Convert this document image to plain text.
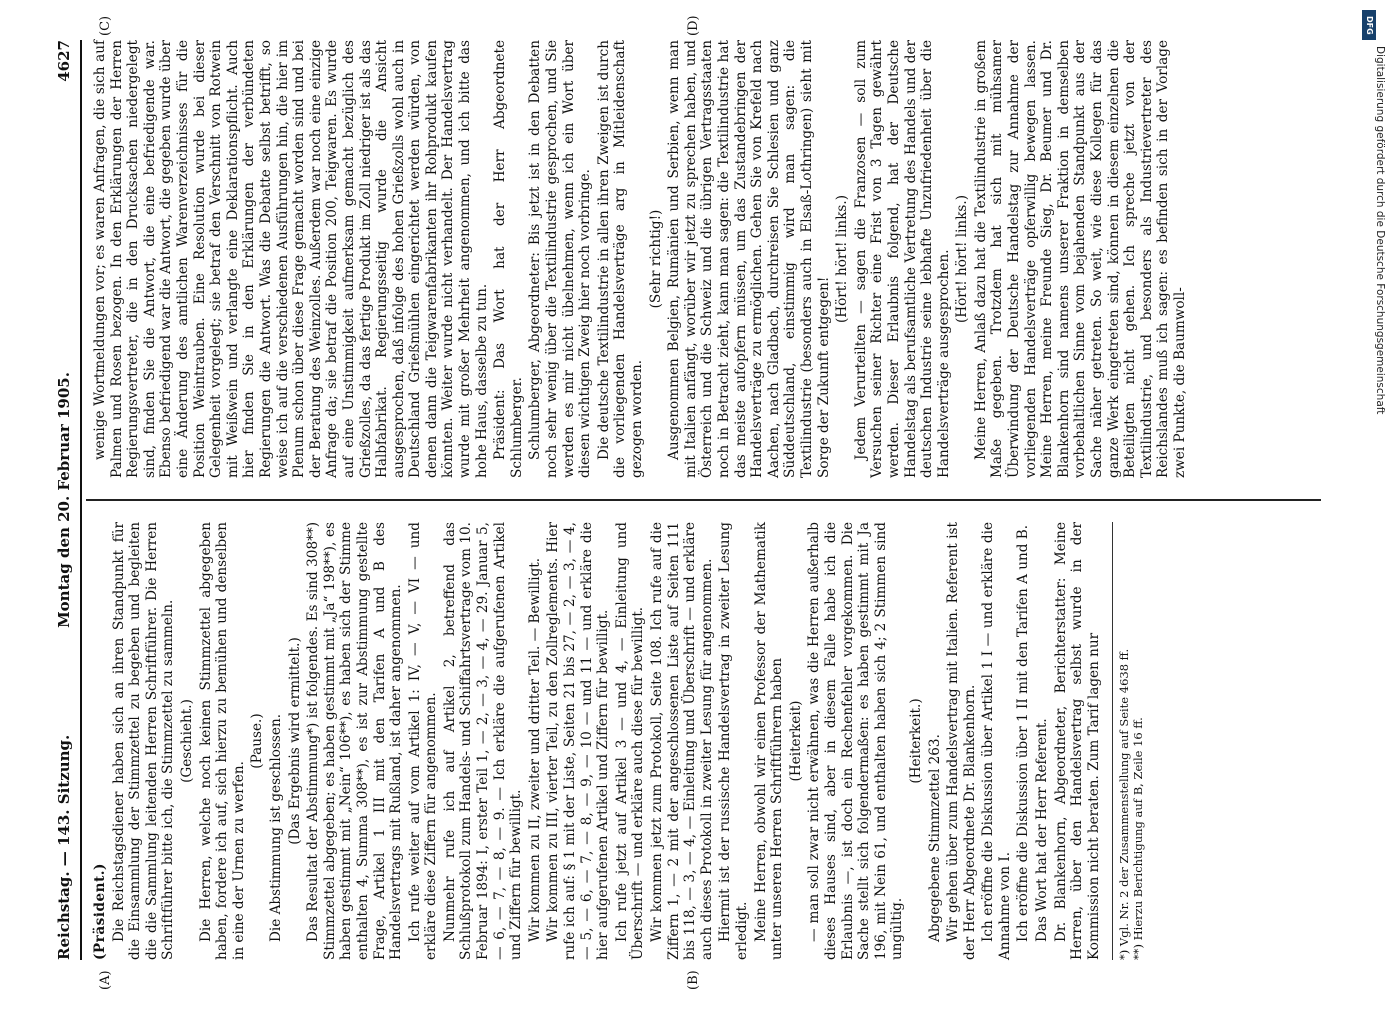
Reichstag. — 143. Sitzung.
Montag den 20. Februar 1905.
4627
(A)	(B)
(C)	(D)

(Präsident.) Die Reichstagsdiener haben sich an ihren Standpunkt für die Einsammlung der Stimmzettel zu begeben und begleiten die die Sammlung leitenden Herren Schriftführer. Die Herren Schriftführer bitte ich, die Stimmzettel zu sammeln. (Geschieht.) Die Herren, welche noch keinen Stimmzettel abgegeben haben, fordere ich auf, sich hierzu zu bemühen und denselben in eine der Urnen zu werfen.

(Pause.) Die Abstimmung ist geschlossen. (Das Ergebnis wird ermittelt.) Das Resultat der Abstimmung*) ist folgendes. Es sind 308**) Stimmzettel abgegeben; es haben gestimmt mit „Ja“ 198**), es haben gestimmt mit „Nein“ 106**), es haben sich der Stimme enthalten 4, Summa 308**), es ist zur Abstimmung gestellte Frage, Artikel 1 III mit den Tarifen A und B des Handelsvertrags mit Rußland, ist daher angenommen. Ich rufe weiter auf vom Artikel 1: IV, — V, — VI — und erkläre diese Ziffern für angenommen. Nunmehr rufe ich auf Artikel 2, betreffend das Schlußprotokoll zum Handels- und Schiffahrtsvertrage vom 10. Februar 1894: I, erster Teil 1, — 2, — 3, — 4, — 29. Januar 5, — 6, — 7, — 8, — 9. — Ich erkläre die aufgerufenen Artikel und Ziffern für bewilligt. Wir kommen zu II, zweiter und dritter Teil. — Bewilligt. Wir kommen zu III, vierter Teil, zu den Zollreglements. Hier rufe ich auf: § 1 mit der Liste, Seiten 21 bis 27, — 2, — 3, — 4, — 5, — 6, — 7, — 8, — 9, — 10 — und 11 — und erkläre die hier aufgerufenen Artikel und Ziffern für bewilligt. Ich rufe jetzt auf Artikel 3 — und 4, — Einleitung und Überschrift — und erkläre auch diese für bewilligt. Wir kommen jetzt zum Protokoll, Seite 108. Ich rufe auf die Ziffern 1, — 2 mit der angeschlossenen Liste auf Seiten 111 bis 118, — 3, — 4, — Einleitung und Überschrift — und erkläre auch dieses Protokoll in zweiter Lesung für angenommen. Hiermit ist der russische Handelsvertrag in zweiter Lesung erledigt. Meine Herren, obwohl wir einen Professor der Mathematik unter unseren Herren Schriftführern haben (Heiterkeit) — man soll zwar nicht erwähnen, was die Herren außerhalb dieses Hauses sind, aber in diesem Falle habe ich die Erlaubnis —, ist doch ein Rechenfehler vorgekommen. Die Sache stellt sich folgendermaßen: es haben gestimmt mit Ja 196, mit Nein 61, und enthalten haben sich 4; 2 Stimmen sind ungültig.

(Heiterkeit.) Abgegebene Stimmzettel 263. Wir gehen über zum Handelsvertrag mit Italien. Referent ist der Herr Abgeordnete Dr. Blankenhorn. Ich eröffne die Diskussion über Artikel 1 I — und erkläre die Annahme von I. Ich eröffne die Diskussion über 1 II mit den Tarifen A und B. Das Wort hat der Herr Referent. Dr. Blankenhorn, Abgeordneter, Berichterstatter: Meine Herren, über den Handelsvertrag selbst wurde in der Kommission nicht beraten. Zum Tarif lagen nur *) Vgl. Nr. 2 der Zusammenstellung auf Seite 4638 ff. **) Hierzu Berichtigung auf B, Zeile 16 ff.

wenige Wortmeldungen vor; es waren Anfragen, die sich auf Palmen und Rosen bezogen. In den Erklärungen der Herren Regierungsvertreter, die in den Drucksachen niedergelegt sind, finden Sie die Antwort, die eine befriedigende war. Ebenso befriedigend war die Antwort, die gegeben wurde über eine Änderung des amtlichen Warenverzeichnisses für die Position Weintrauben. Eine Resolution wurde bei dieser Gelegenheit vorgelegt; sie betraf den Verschnitt von Rotwein mit Weißwein und verlangte eine Deklarationspflicht. Auch hier finden Sie in den Erklärungen der verbündeten Regierungen die Antwort. Was die Debatte selbst betrifft, so weise ich auf die verschiedenen Ausführungen hin, die hier im Plenum schon über diese Frage gemacht worden sind und bei der Beratung des Weinzolles. Außerdem war noch eine einzige Anfrage da; sie betraf die Position 200, Teigwaren. Es wurde auf eine Unstimmigkeit aufmerksam gemacht bezüglich des Grießzolles, da das fertige Produkt im Zoll niedriger ist als das Halbfabrikat. Regierungsseitig wurde die Ansicht ausgesprochen, daß infolge des hohen Grießzolls wohl auch in Deutschland Grießmühlen eingerichtet werden würden, von denen dann die Teigwarenfabrikanten ihr Rohprodukt kaufen könnten. Weiter wurde nicht verhandelt. Der Handelsvertrag wurde mit großer Mehrheit angenommen, und ich bitte das hohe Haus, dasselbe zu tun. Präsident: Das Wort hat der Herr Abgeordnete Schlumberger. Schlumberger, Abgeordneter: Bis jetzt ist in den Debatten noch sehr wenig über die Textilindustrie gesprochen, und Sie werden es mir nicht übelnehmen, wenn ich ein Wort über diesen wichtigen Zweig hier noch vorbringe. Die deutsche Textilindustrie in allen ihren Zweigen ist durch die vorliegenden Handelsverträge arg in Mitleidenschaft gezogen worden.

(Sehr richtig!) Ausgenommen Belgien, Rumänien und Serbien, wenn man mit Italien anfängt, worüber wir jetzt zu sprechen haben, und Österreich und die Schweiz und die übrigen Vertragsstaaten noch in Betracht zieht, kann man sagen: die Textilindustrie hat das meiste aufopfern müssen, um das Zustandebringen der Handelsverträge zu ermöglichen. Gehen Sie von Krefeld nach Aachen, nach Gladbach, durchreisen Sie Schlesien und ganz Süddeutschland, einstimmig wird man sagen: die Textilindustrie (besonders auch in Elsaß-Lothringen) sieht mit Sorge der Zukunft entgegen!

(Hört! hört! links.) Jedem Verurteilten — sagen die Franzosen — soll zum Versuchen seiner Richter eine Frist von 3 Tagen gewährt werden. Dieser Erlaubnis folgend, hat der Deutsche Handelstag als berufsamtliche Vertretung des Handels und der deutschen Industrie seine lebhafte Unzufriedenheit über die Handelsverträge ausgesprochen. (Hört! hört! links.) Meine Herren, Anlaß dazu hat die Textilindustrie in großem Maße gegeben. Trotzdem hat sich mit mühsamer Überwindung der Deutsche Handelstag zur Annahme der vorliegenden Handelsverträge opferwillig bewegen lassen. Meine Herren, meine Freunde Sieg, Dr. Beumer und Dr. Blankenhorn sind namens unserer Fraktion in demselben vorbehaltlichen Sinne vom bejahenden Standpunkt aus der Sache näher getreten. So weit, wie diese Kollegen für das ganze Werk eingetreten sind, können in diesem einzelnen die Beteiligten nicht gehen. Ich spreche jetzt von der Textilindustrie, und besonders als Industrievertreter des Reichslandes muß ich sagen: es befinden sich in der Vorlage zwei Punkte, die Baumwoll-

DFG
Digitalisierung gefördert durch die Deutsche Forschungsgemeinschaft
